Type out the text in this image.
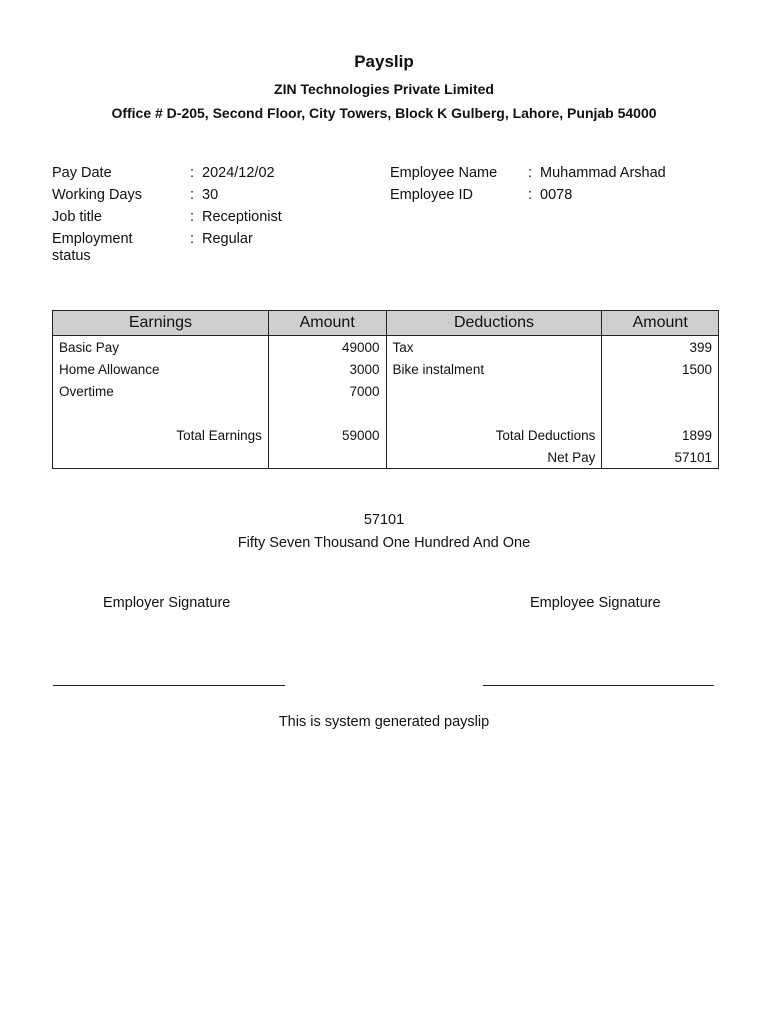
Payslip
ZIN Technologies Private Limited
Office # D-205, Second Floor, City Towers, Block K Gulberg, Lahore, Punjab 54000
Pay Date	: 2024/12/02
Working Days	: 30
Job title	: Receptionist
Employment status
: Regular
Employee Name	: Muhammad Arshad
Employee ID	: 0078
Earnings	Amount	Deductions	Amount
Basic Pay	49000	Tax	399
Home Allowance	3000	Bike instalment	1500
Overtime	7000		

Total Earnings	59000	Total Deductions	1899
		Net Pay	57101
57101
Fifty Seven Thousand One Hundred And One
Employer Signature	Employee Signature
This is system generated payslip
